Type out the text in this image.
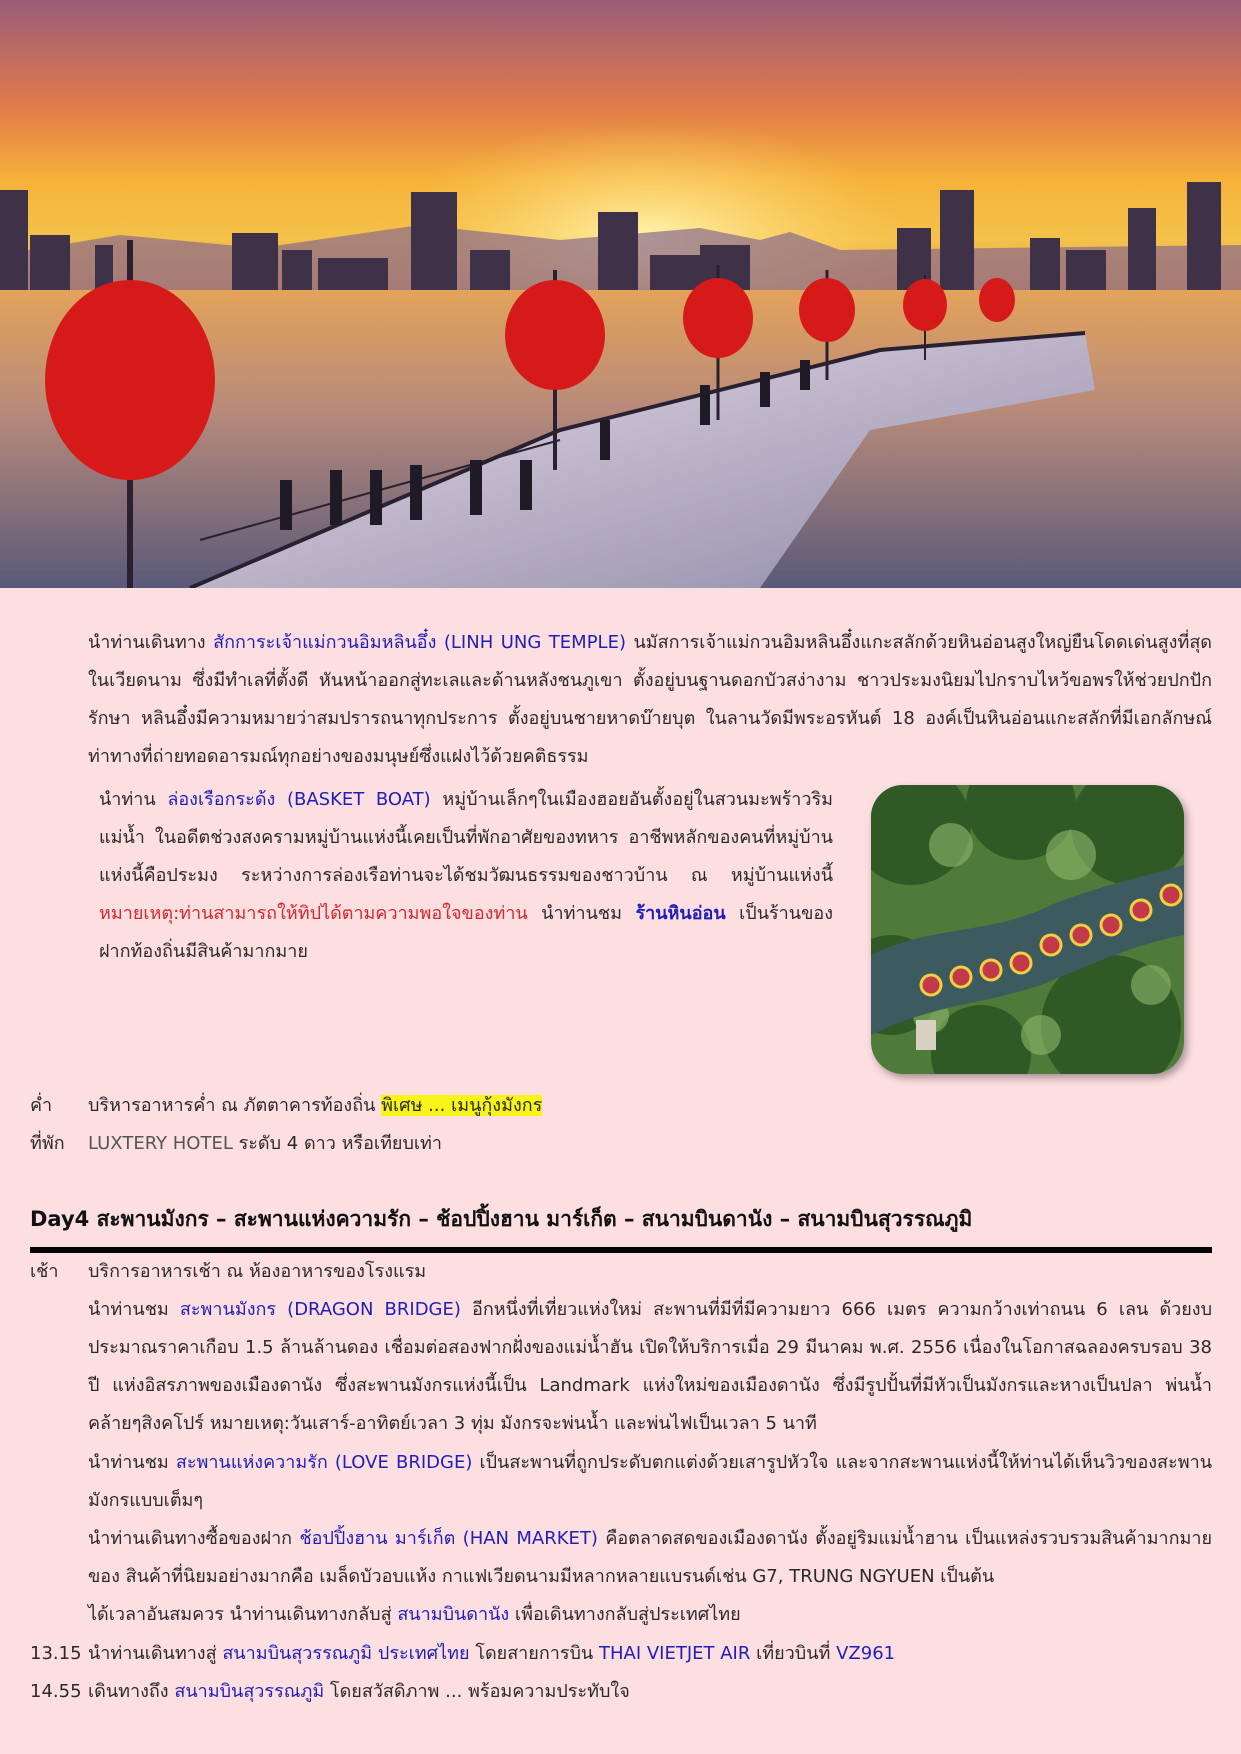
นำท่านเดินทาง สักการะเจ้าแม่กวนอิมหลินอึ๋ง (LINH UNG TEMPLE) นมัสการเจ้าแม่กวนอิมหลินอึ๋งแกะสลักด้วยหินอ่อนสูงใหญ่ยืนโดดเด่นสูงที่สุดในเวียดนาม ซึ่งมีทำเลที่ตั้งดี หันหน้าออกสู่ทะเลและด้านหลังชนภูเขา ตั้งอยู่บนฐานดอกบัวสง่างาม ชาวประมงนิยมไปกราบไหว้ขอพรให้ช่วยปกปักรักษา หลินอึ๋งมีความหมายว่าสมปรารถนาทุกประการ ตั้งอยู่บนชายหาดบ๊ายบุต ในลานวัดมีพระอรหันต์ 18 องค์เป็นหินอ่อนแกะสลักที่มีเอกลักษณ์ท่าทางที่ถ่ายทอดอารมณ์ทุกอย่างของมนุษย์ซึ่งแฝงไว้ด้วยคติธรรม
นำท่าน ล่องเรือกระด้ง (BASKET BOAT) หมู่บ้านเล็กๆในเมืองฮอยอันตั้งอยู่ในสวนมะพร้าวริมแม่น้ำ ในอดีตช่วงสงครามหมู่บ้านแห่งนี้เคยเป็นที่พักอาศัยของทหาร อาชีพหลักของคนที่หมู่บ้านแห่งนี้คือประมง ระหว่างการล่องเรือท่านจะได้ชมวัฒนธรรมของชาวบ้าน ณ หมู่บ้านแห่งนี้ หมายเหตุ:ท่านสามารถให้ทิปได้ตามความพอใจของท่าน นำท่านชม ร้านหินอ่อน เป็นร้านของฝากท้องถิ่นมีสินค้ามากมาย
ค่ำ บริหารอาหารค่ำ ณ ภัตตาคารท้องถิ่น พิเศษ ... เมนูกุ้งมังกร
ที่พัก LUXTERY HOTEL ระดับ 4 ดาว หรือเทียบเท่า
Day4 สะพานมังกร – สะพานแห่งความรัก – ช้อปปิ้งฮาน มาร์เก็ต – สนามบินดานัง – สนามบินสุวรรณภูมิ
เช้า บริการอาหารเช้า ณ ห้องอาหารของโรงแรม
นำท่านชม สะพานมังกร (DRAGON BRIDGE) อีกหนึ่งที่เที่ยวแห่งใหม่ สะพานที่มีที่มีความยาว 666 เมตร ความกว้างเท่าถนน 6 เลน ด้วยงบประมาณราคาเกือบ 1.5 ล้านล้านดอง เชื่อมต่อสองฟากฝั่งของแม่น้ำฮัน เปิดให้บริการเมื่อ 29 มีนาคม พ.ศ. 2556 เนื่องในโอกาสฉลองครบรอบ 38 ปี แห่งอิสรภาพของเมืองดานัง ซึ่งสะพานมังกรแห่งนี้เป็น Landmark แห่งใหม่ของเมืองดานัง ซึ่งมีรูปปั้นที่มีหัวเป็นมังกรและหางเป็นปลา พ่นน้ำคล้ายๆสิงคโปร์ หมายเหตุ:วันเสาร์-อาทิตย์เวลา 3 ทุ่ม มังกรจะพ่นน้ำ และพ่นไฟเป็นเวลา 5 นาที
นำท่านชม สะพานแห่งความรัก (LOVE BRIDGE) เป็นสะพานที่ถูกประดับตกแต่งด้วยเสารูปหัวใจ และจากสะพานแห่งนี้ให้ท่านได้เห็นวิวของสะพานมังกรแบบเต็มๆ
นำท่านเดินทางซื้อของฝาก ช้อปปิ้งฮาน มาร์เก็ต (HAN MARKET) คือตลาดสดของเมืองดานัง ตั้งอยู่ริมแม่น้ำฮาน เป็นแหล่งรวบรวมสินค้ามากมายของ สินค้าที่นิยมอย่างมากคือ เมล็ดบัวอบแห้ง กาแฟเวียดนามมีหลากหลายแบรนด์เช่น G7, TRUNG NGYUEN เป็นต้น
ได้เวลาอันสมควร นำท่านเดินทางกลับสู่ สนามบินดานัง เพื่อเดินทางกลับสู่ประเทศไทย
13.15 นำท่านเดินทางสู่ สนามบินสุวรรณภูมิ ประเทศไทย โดยสายการบิน THAI VIETJET AIR เที่ยวบินที่ VZ961
14.55 เดินทางถึง สนามบินสุวรรณภูมิ โดยสวัสดิภาพ ... พร้อมความประทับใจ
